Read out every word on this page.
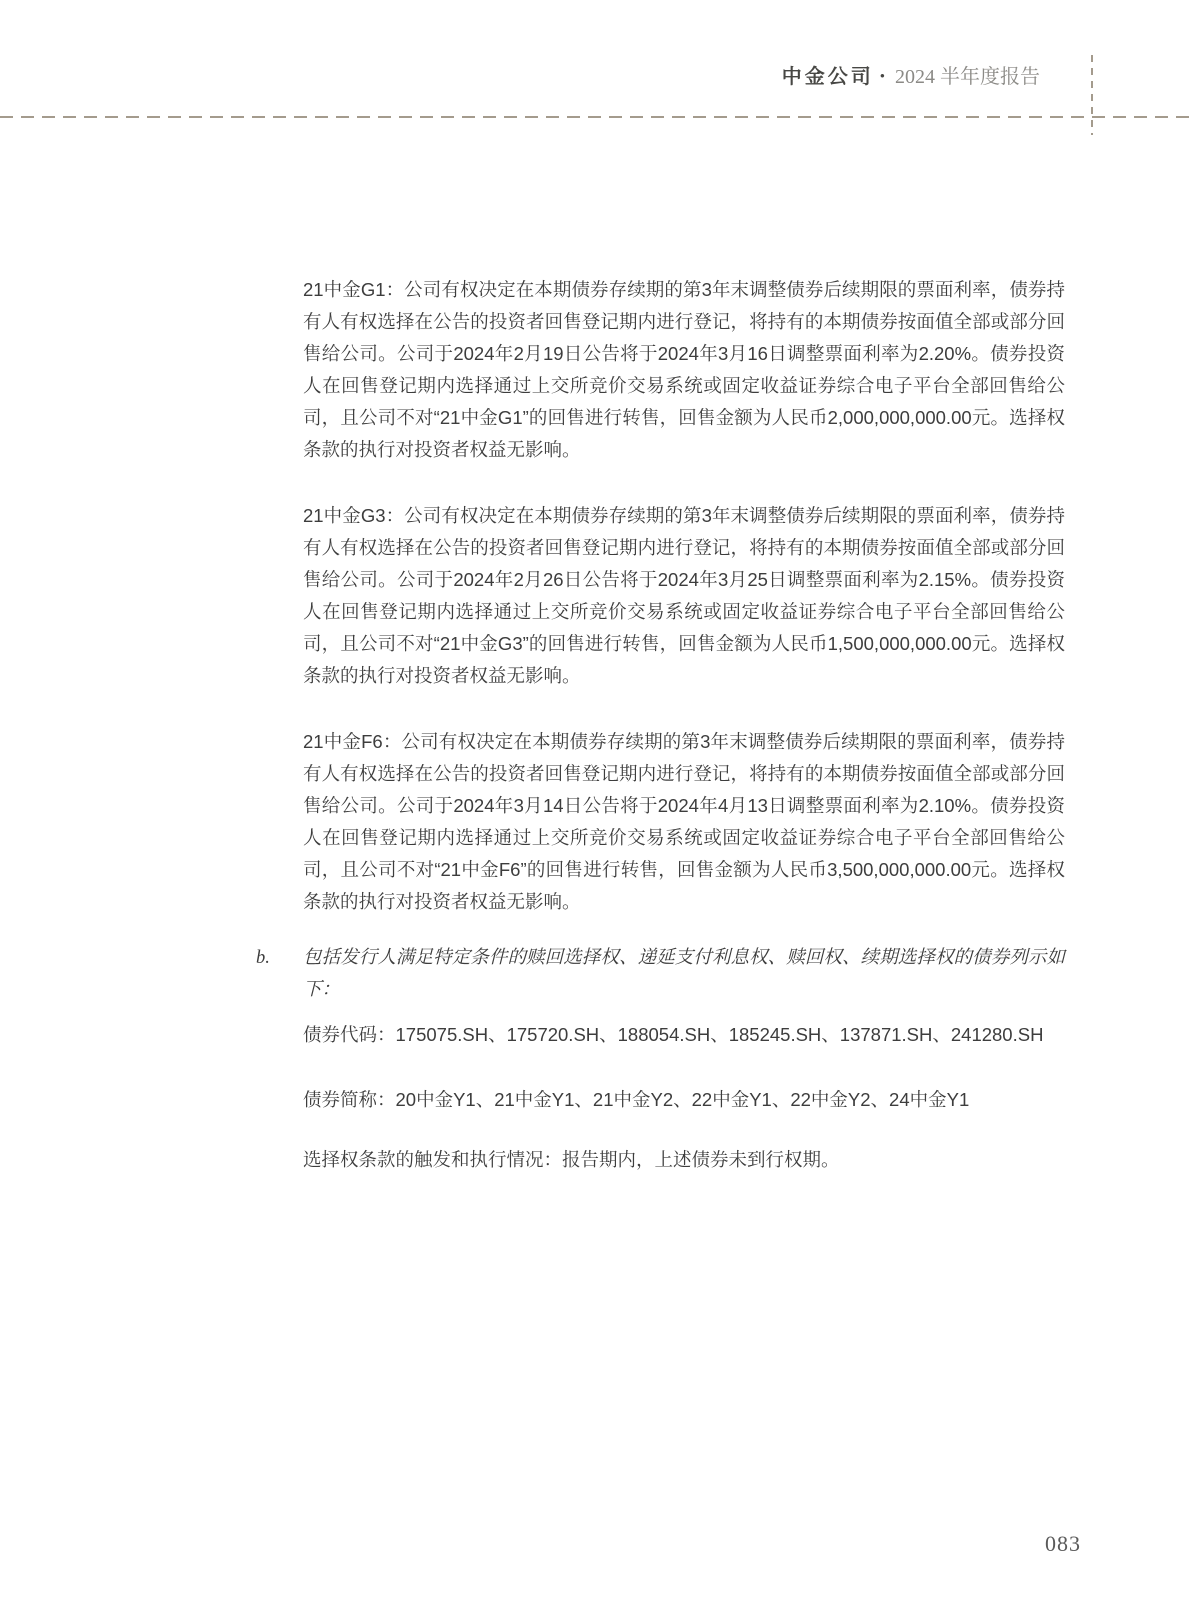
中金公司 • 2024 半年度报告

21中金G1：公司有权决定在本期债券存续期的第3年末调整债券后续期限的票面利率，债券持有人有权选择在公告的投资者回售登记期内进行登记，将持有的本期债券按面值全部或部分回售给公司。公司于2024年2月19日公告将于2024年3月16日调整票面利率为2.20%。债券投资人在回售登记期内选择通过上交所竞价交易系统或固定收益证券综合电子平台全部回售给公司，且公司不对“21中金G1”的回售进行转售，回售金额为人民币2,000,000,000.00元。选择权条款的执行对投资者权益无影响。

21中金G3：公司有权决定在本期债券存续期的第3年末调整债券后续期限的票面利率，债券持有人有权选择在公告的投资者回售登记期内进行登记，将持有的本期债券按面值全部或部分回售给公司。公司于2024年2月26日公告将于2024年3月25日调整票面利率为2.15%。债券投资人在回售登记期内选择通过上交所竞价交易系统或固定收益证券综合电子平台全部回售给公司，且公司不对“21中金G3”的回售进行转售，回售金额为人民币1,500,000,000.00元。选择权条款的执行对投资者权益无影响。

21中金F6：公司有权决定在本期债券存续期的第3年末调整债券后续期限的票面利率，债券持有人有权选择在公告的投资者回售登记期内进行登记，将持有的本期债券按面值全部或部分回售给公司。公司于2024年3月14日公告将于2024年4月13日调整票面利率为2.10%。债券投资人在回售登记期内选择通过上交所竞价交易系统或固定收益证券综合电子平台全部回售给公司，且公司不对“21中金F6”的回售进行转售，回售金额为人民币3,500,000,000.00元。选择权条款的执行对投资者权益无影响。

b.	包括发行人满足特定条件的赎回选择权、递延支付利息权、赎回权、续期选择权的债券列示如下：

债券代码：175075.SH、175720.SH、188054.SH、185245.SH、137871.SH、241280.SH

债券简称：20中金Y1、21中金Y1、21中金Y2、22中金Y1、22中金Y2、24中金Y1

选择权条款的触发和执行情况：报告期内，上述债券未到行权期。

083
